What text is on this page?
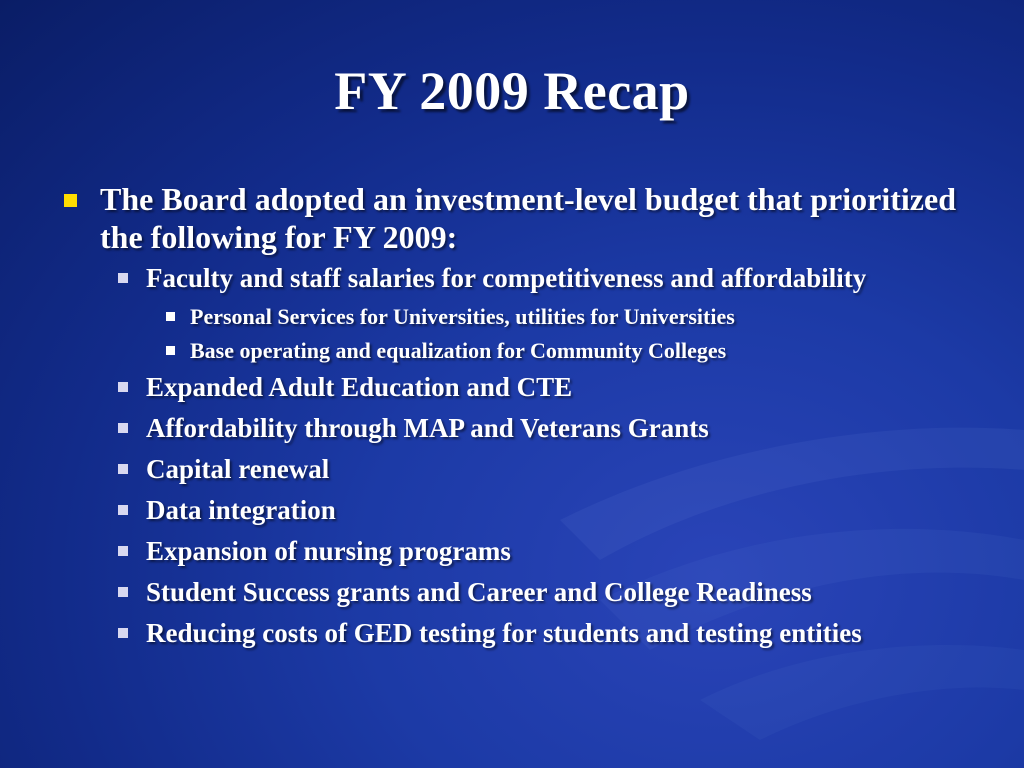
FY 2009 Recap
The Board adopted an investment-level budget that prioritized the following for FY 2009:
Faculty and staff salaries for competitiveness and affordability
Personal Services for Universities, utilities for Universities
Base operating and equalization for Community Colleges
Expanded Adult Education and CTE
Affordability through MAP and Veterans Grants
Capital renewal
Data integration
Expansion of nursing programs
Student Success grants and Career and College Readiness
Reducing costs of GED testing for students and testing entities
